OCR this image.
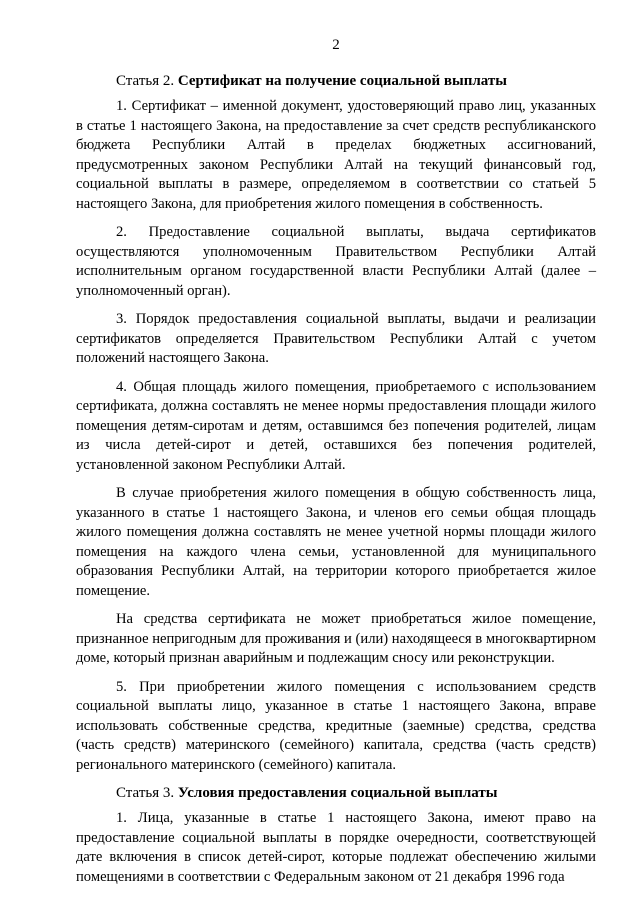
2
Статья 2. Сертификат на получение социальной выплаты

1. Сертификат – именной документ, удостоверяющий право лиц, указанных в статье 1 настоящего Закона, на предоставление за счет средств республиканского бюджета Республики Алтай в пределах бюджетных ассигнований, предусмотренных законом Республики Алтай на текущий финансовый год, социальной выплаты в размере, определяемом в соответствии со статьей 5 настоящего Закона, для приобретения жилого помещения в собственность.

2. Предоставление социальной выплаты, выдача сертификатов осуществляются уполномоченным Правительством Республики Алтай исполнительным органом государственной власти Республики Алтай (далее – уполномоченный орган).

3. Порядок предоставления социальной выплаты, выдачи и реализации сертификатов определяется Правительством Республики Алтай с учетом положений настоящего Закона.

4. Общая площадь жилого помещения, приобретаемого с использованием сертификата, должна составлять не менее нормы предоставления площади жилого помещения детям-сиротам и детям, оставшимся без попечения родителей, лицам из числа детей-сирот и детей, оставшихся без попечения родителей, установленной законом Республики Алтай.

В случае приобретения жилого помещения в общую собственность лица, указанного в статье 1 настоящего Закона, и членов его семьи общая площадь жилого помещения должна составлять не менее учетной нормы площади жилого помещения на каждого члена семьи, установленной для муниципального образования Республики Алтай, на территории которого приобретается жилое помещение.

На средства сертификата не может приобретаться жилое помещение, признанное непригодным для проживания и (или) находящееся в многоквартирном доме, который признан аварийным и подлежащим сносу или реконструкции.

5. При приобретении жилого помещения с использованием средств социальной выплаты лицо, указанное в статье 1 настоящего Закона, вправе использовать собственные средства, кредитные (заемные) средства, средства (часть средств) материнского (семейного) капитала, средства (часть средств) регионального материнского (семейного) капитала.

Статья 3. Условия предоставления социальной выплаты

1. Лица, указанные в статье 1 настоящего Закона, имеют право на предоставление социальной выплаты в порядке очередности, соответствующей дате включения в список детей-сирот, которые подлежат обеспечению жилыми помещениями в соответствии с Федеральным законом от 21 декабря 1996 года
